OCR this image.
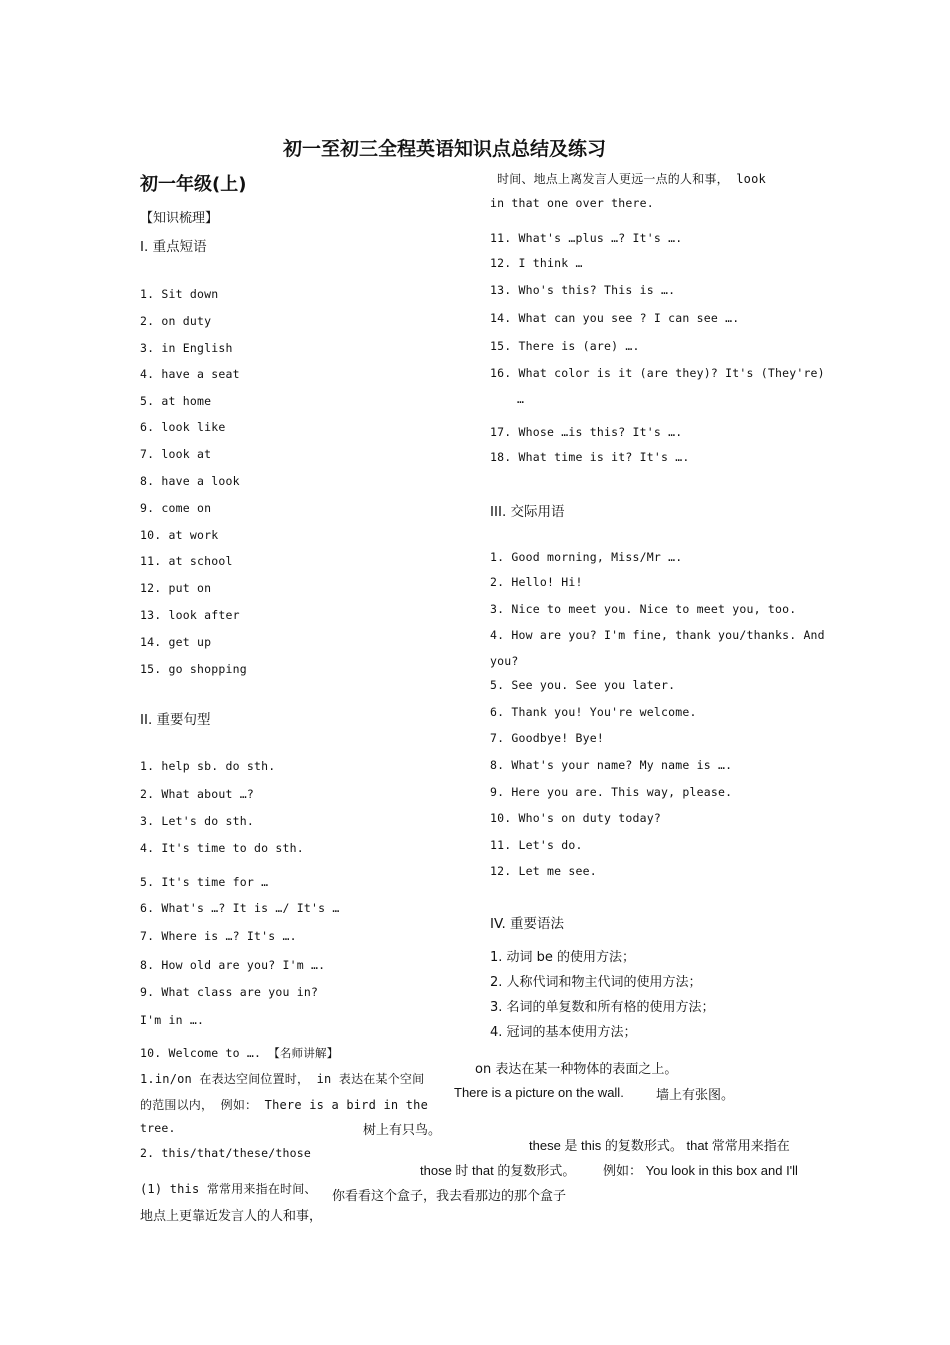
初一至初三全程英语知识点总结及练习
初一年级(上)
【知识梳理】
I. 重点短语
1. Sit down
2. on duty
3. in English
4. have a seat
5. at home
6. look like
7. look at
8. have a look
9. come on
10. at work
11. at school
12. put on
13. look after
14. get up
15. go shopping
II. 重要句型
1. help sb. do sth.
2. What about …?
3. Let's do sth.
4. It's time to do sth.
5. It's time for …
6. What's …? It is …/ It's …
7. Where is …? It's ….
8. How old are you? I'm ….
9. What class are you in?
I'm in ….
10. Welcome to …. 【名师讲解】
1.in/on 在表达空间位置时， in 表达在某个空间
的范围以内， 例如： There is a bird in the
tree.	树上有只鸟。
2. this/that/these/those
(1) this 常常用来指在时间、
地点上更靠近发言人的人和事，
时间、地点上离发言人更远一点的人和事， look
in that one over there.
11. What's …plus …? It's ….
12. I think …
13. Who's this? This is ….
14. What can you see ? I can see ….
15. There is (are) ….
16. What color is it (are they)? It's (They're)
…
17. Whose …is this? It's ….
18. What time is it? It's ….
III. 交际用语
1. Good morning, Miss/Mr ….
2. Hello! Hi!
3. Nice to meet you. Nice to meet you, too.
4. How are you? I'm fine, thank you/thanks. And
you?
5. See you. See you later.
6. Thank you! You're welcome.
7. Goodbye! Bye!
8. What's your name? My name is ….
9. Here you are. This way, please.
10. Who's on duty today?
11. Let's do.
12. Let me see.
IV. 重要语法
1. 动词 be 的使用方法；
2. 人称代词和物主代词的使用方法；
3. 名词的单复数和所有格的使用方法；
4. 冠词的基本使用方法；
on 表达在某一种物体的表面之上。
There is a picture on the wall. 墙上有张图。
these 是 this 的复数形式。 that 常常用来指在
those 时 that 的复数形式。 例如： You look in this box and I'll
你看看这个盒子，我去看那边的那个盒子
